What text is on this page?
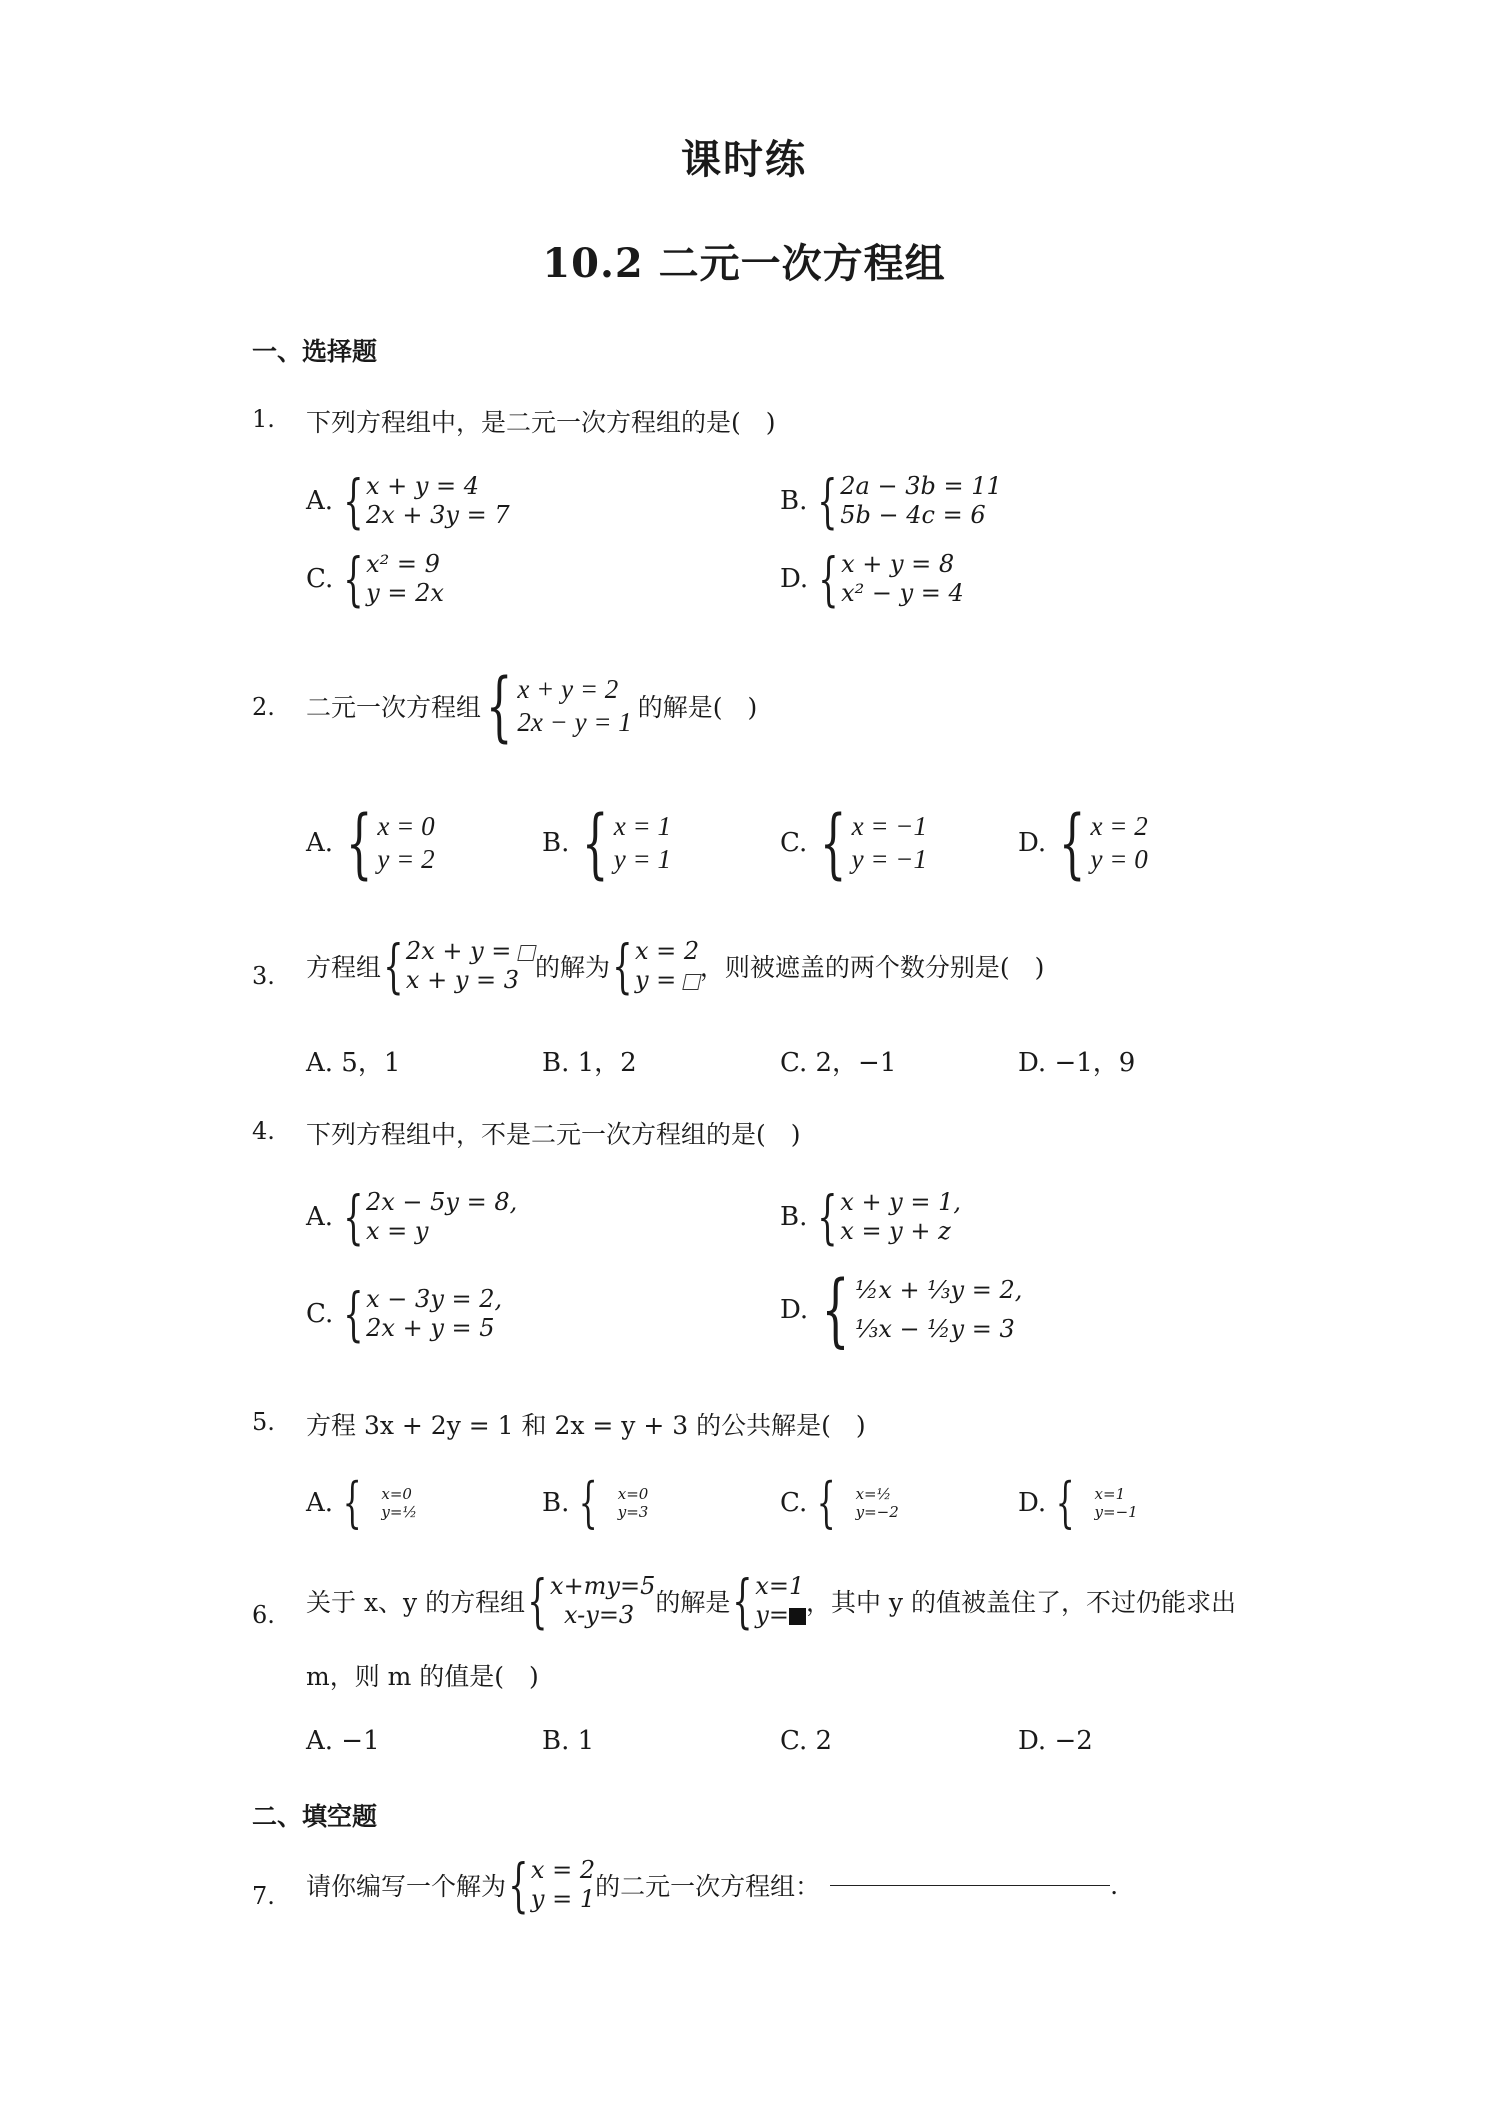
课时练
10.2 二元一次方程组
一、选择题
1. 下列方程组中，是二元一次方程组的是(　)
A. { x + y = 4
2x + 3y = 7	B. { 2a − 3b = 11
5b − 4c = 6
C. { x² = 9
y = 2x	D. { x + y = 8
x² − y = 4
2. 二元一次方程组 { x + y = 2
2x − y = 1 的解是(　)
A. { x = 0
y = 2
B. { x = 1
y = 1
C. { x = −1
y = −1
D. { x = 2
y = 0
3. 方程组 { 2x + y =
x + y = 3 的解为 { x = 2
y = ，则被遮盖的两个数分别是(　)
A. 5，1	B. 1，2	C. 2，−1	D. −1，9
4. 下列方程组中，不是二元一次方程组的是(　)
A. { 2x − 5y = 8,
x = y	B. { x + y = 1,
x = y + z
C. { x − 3y = 2,
2x + y = 5
D. { ½x + ⅓y = 2,
⅓x − ½y = 3
5. 方程 3x + 2y = 1 和 2x = y + 3 的公共解是(　)
A. { x=0
y=½	B. { x=0
y=3	C. { x=½
y=−2	D. { x=1
y=−1
6. 关于 x、y 的方程组 { x+my=5
x-y=3 的解是 { x=1
y= ，其中 y 的值被盖住了，不过仍能求出
m，则 m 的值是(　)
A. −1	B. 1	C. 2	D. −2
二、填空题
7. 请你编写一个解为 { x = 2
y = 1 的二元一次方程组：	.
